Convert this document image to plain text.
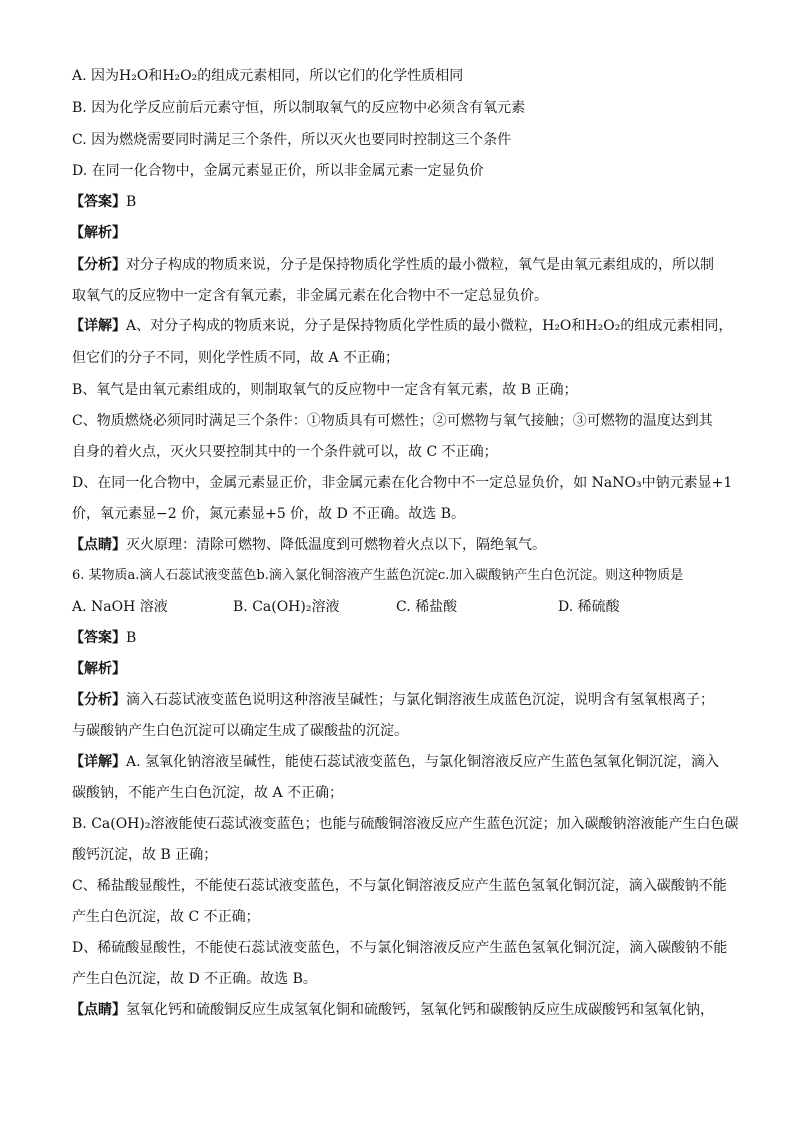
A. 因为H₂O和H₂O₂的组成元素相同，所以它们的化学性质相同
B. 因为化学反应前后元素守恒，所以制取氧气的反应物中必须含有氧元素
C. 因为燃烧需要同时满足三个条件，所以灭火也要同时控制这三个条件
D. 在同一化合物中，金属元素显正价，所以非金属元素一定显负价
【答案】B
【解析】
【分析】对分子构成的物质来说，分子是保持物质化学性质的最小微粒，氧气是由氧元素组成的，所以制
取氧气的反应物中一定含有氧元素，非金属元素在化合物中不一定总显负价。
【详解】A、对分子构成的物质来说，分子是保持物质化学性质的最小微粒，H₂O和H₂O₂的组成元素相同，
但它们的分子不同，则化学性质不同，故 A 不正确；
B、氧气是由氧元素组成的，则制取氧气的反应物中一定含有氧元素，故 B 正确；
C、物质燃烧必须同时满足三个条件：①物质具有可燃性；②可燃物与氧气接触；③可燃物的温度达到其
自身的着火点，灭火只要控制其中的一个条件就可以，故 C 不正确；
D、在同一化合物中，金属元素显正价，非金属元素在化合物中不一定总显负价，如 NaNO₃中钠元素显+1
价，氧元素显−2 价，氮元素显+5 价，故 D 不正确。故选 B。
【点睛】灭火原理：清除可燃物、降低温度到可燃物着火点以下，隔绝氧气。
6. 某物质a.滴人石蕊试液变蓝色b.滴入氯化铜溶液产生蓝色沉淀c.加入碳酸钠产生白色沉淀。则这种物质是
A. NaOH 溶液	B. Ca(OH)₂溶液	C. 稀盐酸	D. 稀硫酸
【答案】B
【解析】
【分析】滴入石蕊试液变蓝色说明这种溶液呈碱性；与氯化铜溶液生成蓝色沉淀，说明含有氢氧根离子；
与碳酸钠产生白色沉淀可以确定生成了碳酸盐的沉淀。
【详解】A. 氢氧化钠溶液呈碱性，能使石蕊试液变蓝色，与氯化铜溶液反应产生蓝色氢氧化铜沉淀，滴入
碳酸钠，不能产生白色沉淀，故 A 不正确；
B. Ca(OH)₂溶液能使石蕊试液变蓝色；也能与硫酸铜溶液反应产生蓝色沉淀；加入碳酸钠溶液能产生白色碳
酸钙沉淀，故 B 正确；
C、稀盐酸显酸性，不能使石蕊试液变蓝色，不与氯化铜溶液反应产生蓝色氢氧化铜沉淀，滴入碳酸钠不能
产生白色沉淀，故 C 不正确；
D、稀硫酸显酸性，不能使石蕊试液变蓝色，不与氯化铜溶液反应产生蓝色氢氧化铜沉淀，滴入碳酸钠不能
产生白色沉淀，故 D 不正确。故选 B。
【点睛】氢氧化钙和硫酸铜反应生成氢氧化铜和硫酸钙，氢氧化钙和碳酸钠反应生成碳酸钙和氢氧化钠，
